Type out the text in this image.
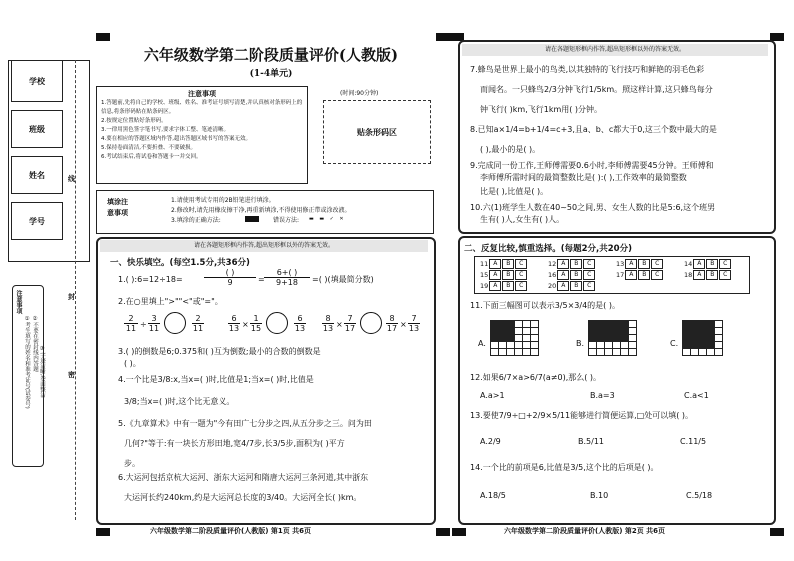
学校
班级
姓名
学号
线
封
密
注意事项
①考生填写的姓名和准考证号(试卷号) ②不要在密封线内答题
③字迹清晰,卷面整洁
六年级数学第二阶段质量评价(人教版)
(1-4单元)
(时间:90分钟)
注意事项
1.答题前,先将自己的学校、班级、姓名、准考证号填写清楚,并认真核对条形码上的信息,将条形码贴在贴条码区。
2.按规定位置贴好条形码。
3.一律用黑色签字笔书写,要求字体工整、笔迹清晰。
4.要在相应的答题区域内作答,超出答题区域书写的答案无效。
5.保持卷面清洁,不要折叠、不要破损。
6.考试结束后,将试卷和答题卡一并交回。
贴条形码区
填涂注
意事项
1.请使用考试专用的2B铅笔进行填涂。
2.修改时,请先用橡皮擦干净,再重新填涂,不得使用修正带或涂改液。
3.填涂的正确方法:	错误方法: ▬ ▬ ✓ ✕
请在各题矩形框内作答,超出矩形框以外的答案无效。
一、快乐填空。(每空1.5分,共36分)
1.( ):6=12÷18=
( )
9	=
6+( )
9+18	=( )(填最简分数)
2.在○里填上">""<"或"="。
2
11 ÷
3
11
2
11
6
13 ×
1
15
6
13
8
13 ×
7
17
8
17 ×
7
13
3.( )的倒数是6;0.375和( )互为倒数;最小的合数的倒数是
( )。
4.一个比是3/8:x,当x=( )时,比值是1;当x=( )时,比值是
3/8;当x=( )时,这个比无意义。
5.《九章算术》中有一题为"今有田广七分步之四,从五分步之三。问为田
几何?"等于:有一块长方形田地,宽4/7步,长3/5步,面积为( )平方
步。
6.大运河包括京杭大运河、浙东大运河和隋唐大运河三条河道,其中浙东
大运河长约240km,约是大运河总长度的3/40。大运河全长( )km。
六年级数学第二阶段质量评价(人教版) 第1页 共6页
请在各题矩形框内作答,超出矩形框以外的答案无效。
7.蜂鸟是世界上最小的鸟类,以其独特的飞行技巧和鲜艳的羽毛色彩
而闻名。一只蜂鸟2/3分钟飞行1/5km。照这样计算,这只蜂鸟每分
钟飞行( )km,飞行1km用( )分钟。
8.已知a×1/4=b+1/4=c+3,且a、b、c都大于0,这三个数中最大的是
( ),最小的是( )。
9.完成同一份工作,王师傅需要0.6小时,李师傅需要45分钟。王师傅和
李师傅所需时间的最简整数比是( ):( ),工作效率的最简整数
比是( ),比值是( )。
10.六(1)班学生人数在40~50之间,男、女生人数的比是5:6,这个班男
生有( )人,女生有( )人。
二、反复比较,慎重选择。(每题2分,共20分)
11 A B C	12 A B C	13 A B C	14 A B C
15 A B C	16 A B C	17 A B C	18 A B C
19 A B C	20 A B C
11.下面三幅图可以表示3/5×3/4的是( )。
A.

						B.

						C.

12.如果6/7×a>6/7(a≠0),那么( )。
A.a>1	B.a=3	C.a<1
13.要使7/9÷□+2/9×5/11能够进行简便运算,□处可以填( )。
A.2/9	B.5/11	C.11/5
14.一个比的前项是6,比值是3/5,这个比的后项是( )。
A.18/5	B.10	C.5/18
六年级数学第二阶段质量评价(人教版) 第2页 共6页
